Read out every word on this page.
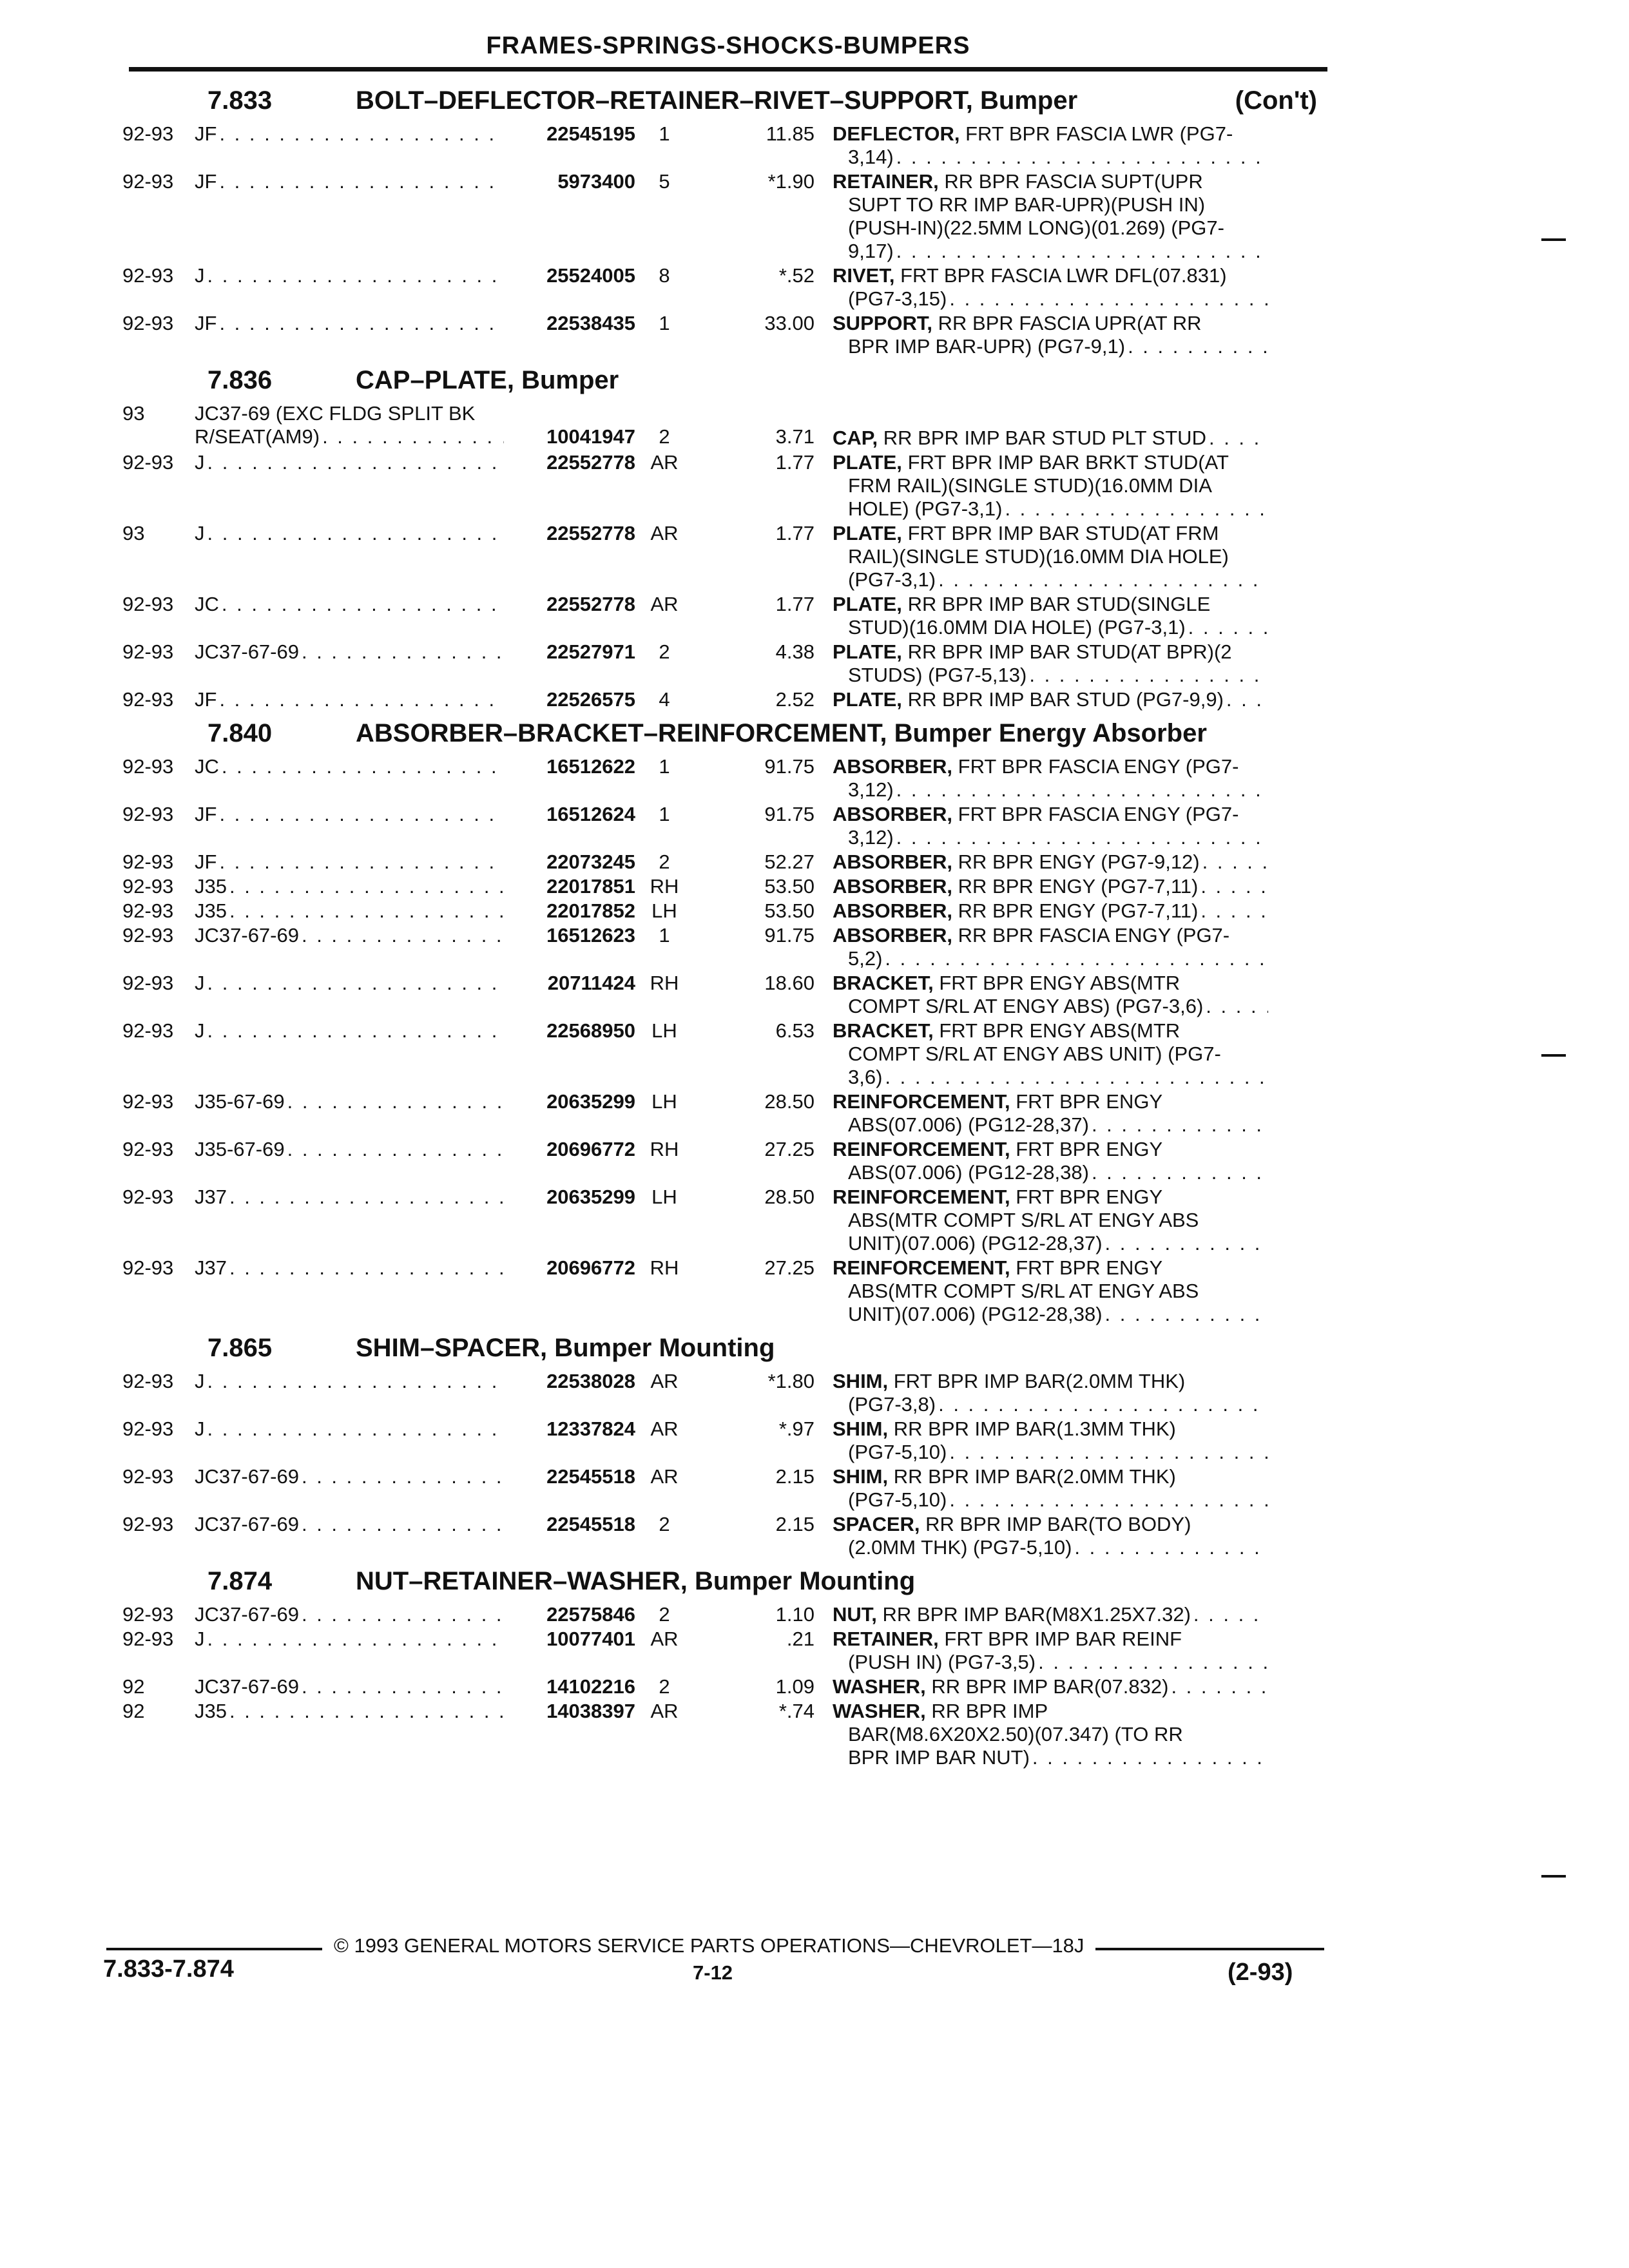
FRAMES-SPRINGS-SHOCKS-BUMPERS
7.833	BOLT–DEFLECTOR–RETAINER–RIVET–SUPPORT, Bumper	(Con't)
92-93	JF . . .	22545195	1	11.85 DEFLECTOR,
FRT BPR FASCIA LWR (PG7-
3,14)
. . .
92-93	JF . . .	5973400	5	*1.90 RETAINER,
RR BPR FASCIA SUPT(UPR
SUPT TO RR IMP BAR-UPR)(PUSH IN)
(PUSH-IN)(22.5MM LONG)(01.269) (PG7-
9,17)
. . .
92-93	J . . .	25524005	8	*.52 RIVET,
FRT BPR FASCIA LWR DFL(07.831)
(PG7-3,15)
. . .
92-93	JF . . .	22538435	1	33.00 SUPPORT,
RR BPR FASCIA UPR(AT RR
BPR IMP BAR-UPR) (PG7-9,1)
. . .
7.836	CAP–PLATE, Bumper
93	JC37-69 (EXC FLDG SPLIT BK
R/SEAT(AM9) . . .	10041947	2	3.71 CAP,
RR BPR IMP BAR STUD PLT STUD
. . .
92-93	J . . .	22552778 AR	1.77 PLATE,
FRT BPR IMP BAR BRKT STUD(AT
FRM RAIL)(SINGLE STUD)(16.0MM DIA
HOLE) (PG7-3,1)
. . .
93	J . . .	22552778 AR	1.77 PLATE,
FRT BPR IMP BAR STUD(AT FRM
RAIL)(SINGLE STUD)(16.0MM DIA HOLE)
(PG7-3,1)
. . .
92-93	JC . . .	22552778 AR	1.77 PLATE,
RR BPR IMP BAR STUD(SINGLE
STUD)(16.0MM DIA HOLE) (PG7-3,1)
. . .
92-93	JC37-67-69 . . .	22527971	2	4.38 PLATE,
RR BPR IMP BAR STUD(AT BPR)(2
STUDS) (PG7-5,13)
. . .
92-93	JF . . .	22526575	4	2.52 PLATE,
RR BPR IMP BAR STUD (PG7-9,9)
. . .
7.840	ABSORBER–BRACKET–REINFORCEMENT, Bumper Energy Absorber
92-93	JC . . .	16512622	1	91.75 ABSORBER,
FRT BPR FASCIA ENGY (PG7-
3,12)
. . .
92-93	JF . . .	16512624	1	91.75 ABSORBER,
FRT BPR FASCIA ENGY (PG7-
3,12)
. . .
92-93	JF . . .	22073245	2	52.27 ABSORBER,
RR BPR ENGY (PG7-9,12)
. . .
92-93	J35 . . .	22017851 RH	53.50 ABSORBER,
RR BPR ENGY (PG7-7,11)
. . .
92-93	J35 . . .	22017852 LH	53.50 ABSORBER,
RR BPR ENGY (PG7-7,11)
. . .
92-93	JC37-67-69 . . .	16512623	1	91.75 ABSORBER,
RR BPR FASCIA ENGY (PG7-
5,2)
. . .
92-93	J . . .	20711424 RH	18.60 BRACKET,
FRT BPR ENGY ABS(MTR
COMPT S/RL AT ENGY ABS) (PG7-3,6)
. . .
92-93	J . . .	22568950 LH	6.53 BRACKET,
FRT BPR ENGY ABS(MTR
COMPT S/RL AT ENGY ABS UNIT) (PG7-
3,6)
. . .
92-93	J35-67-69 . . .	20635299 LH	28.50 REINFORCEMENT,
FRT BPR ENGY
ABS(07.006) (PG12-28,37)
. . .
92-93	J35-67-69 . . .	20696772 RH	27.25 REINFORCEMENT,
FRT BPR ENGY
ABS(07.006) (PG12-28,38)
. . .
92-93	J37 . . .	20635299 LH	28.50 REINFORCEMENT,
FRT BPR ENGY
ABS(MTR COMPT S/RL AT ENGY ABS
UNIT)(07.006) (PG12-28,37)
. . .
92-93	J37 . . .	20696772 RH	27.25 REINFORCEMENT,
FRT BPR ENGY
ABS(MTR COMPT S/RL AT ENGY ABS
UNIT)(07.006) (PG12-28,38)
. . .
7.865	SHIM–SPACER, Bumper Mounting
92-93	J . . .	22538028 AR	*1.80 SHIM,
FRT BPR IMP BAR(2.0MM THK)
(PG7-3,8)
. . .
92-93	J . . .	12337824 AR	*.97 SHIM,
RR BPR IMP BAR(1.3MM THK)
(PG7-5,10)
. . .
92-93	JC37-67-69 . . .	22545518 AR	2.15 SHIM,
RR BPR IMP BAR(2.0MM THK)
(PG7-5,10)
. . .
92-93	JC37-67-69 . . .	22545518	2	2.15 SPACER,
RR BPR IMP BAR(TO BODY)
(2.0MM THK) (PG7-5,10)
. . .
7.874	NUT–RETAINER–WASHER, Bumper Mounting
92-93	JC37-67-69 . . .	22575846	2	1.10 NUT,
RR BPR IMP BAR(M8X1.25X7.32)
. . .
92-93	J . . .	10077401 AR	.21 RETAINER,
FRT BPR IMP BAR REINF
(PUSH IN) (PG7-3,5)
. . .
92	JC37-67-69 . . .	14102216	2	1.09 WASHER,
RR BPR IMP BAR(07.832)
. . .
92	J35 . . .	14038397 AR	*.74 WASHER,
RR BPR IMP
BAR(M8.6X20X2.50)(07.347) (TO RR
BPR IMP BAR NUT)
. . .
© 1993 GENERAL MOTORS SERVICE PARTS OPERATIONS—CHEVROLET—18J
7.833-7.874	7-12	(2-93)
